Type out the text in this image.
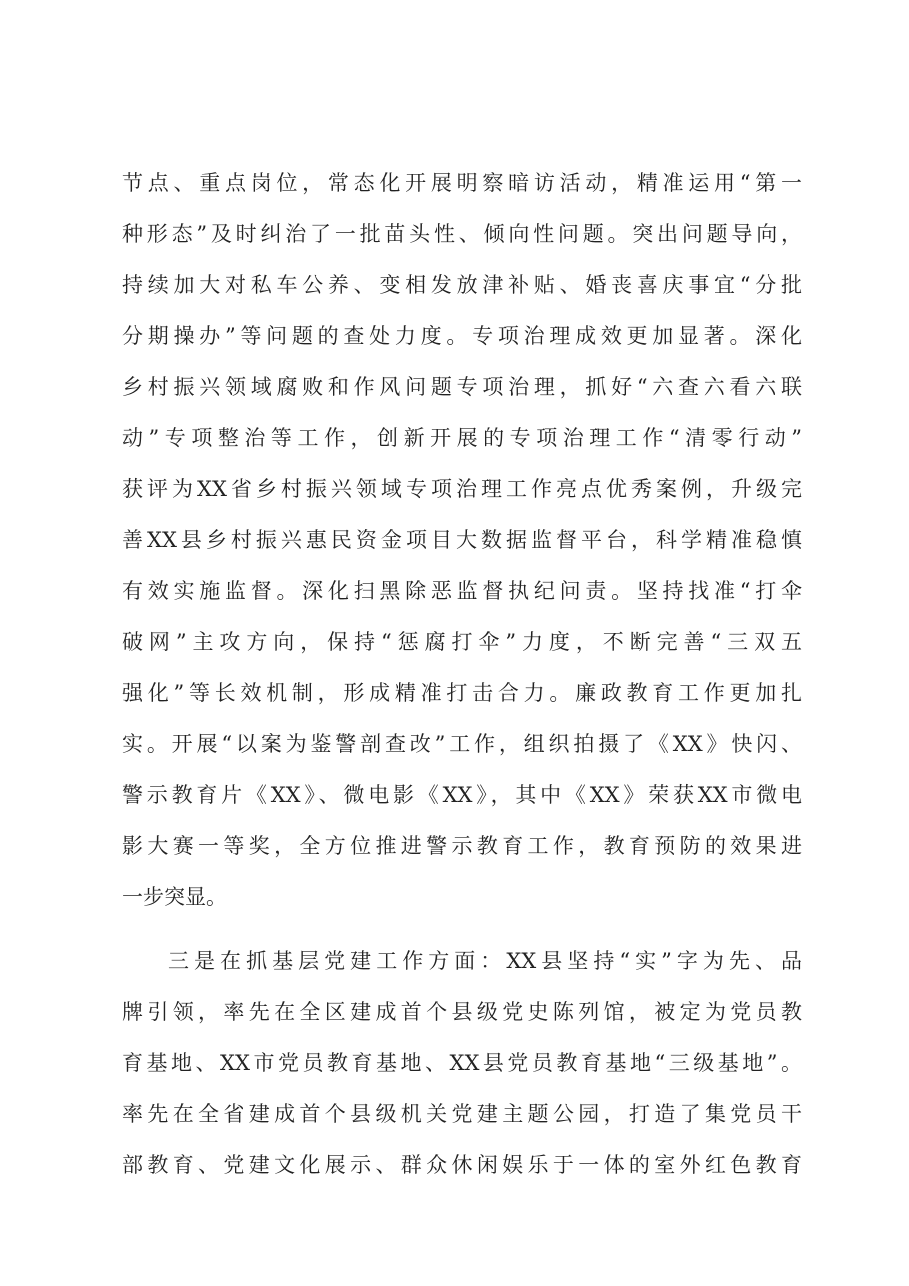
节点、重点岗位，常态化开展明察暗访活动，精准运用“第一
种形态”及时纠治了一批苗头性、倾向性问题。突出问题导向，
持续加大对私车公养、变相发放津补贴、婚丧喜庆事宜“分批
分期操办”等问题的查处力度。专项治理成效更加显著。深化
乡村振兴领域腐败和作风问题专项治理，抓好“六查六看六联
动”专项整治等工作，创新开展的专项治理工作“清零行动”
获评为XX省乡村振兴领域专项治理工作亮点优秀案例，升级完
善XX县乡村振兴惠民资金项目大数据监督平台，科学精准稳慎
有效实施监督。深化扫黑除恶监督执纪问责。坚持找准“打伞
破网”主攻方向，保持“惩腐打伞”力度，不断完善“三双五
强化”等长效机制，形成精准打击合力。廉政教育工作更加扎
实。开展“以案为鉴警剖查改”工作，组织拍摄了《XX》快闪、
警示教育片《XX》、微电影《XX》，其中《XX》荣获XX市微电
影大赛一等奖，全方位推进警示教育工作，教育预防的效果进
一步突显。
三是在抓基层党建工作方面：XX县坚持“实”字为先、品
牌引领，率先在全区建成首个县级党史陈列馆，被定为党员教
育基地、XX市党员教育基地、XX县党员教育基地“三级基地”。
率先在全省建成首个县级机关党建主题公园，打造了集党员干
部教育、党建文化展示、群众休闲娱乐于一体的室外红色教育
